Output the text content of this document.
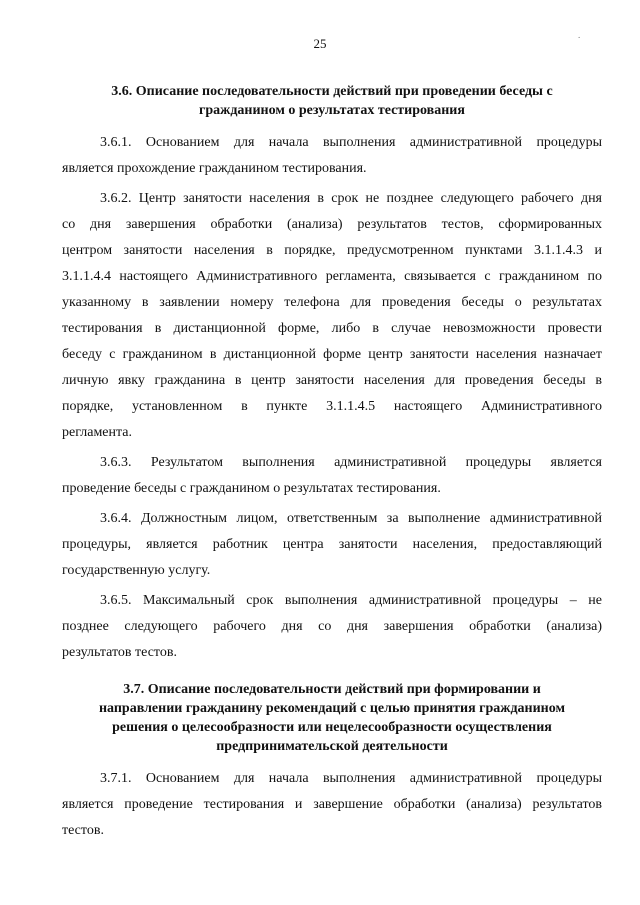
25
.
3.6. Описание последовательности действий при проведении беседы с
гражданином о результатах тестирования
3.6.1. Основанием для начала выполнения административной процедуры
является прохождение гражданином тестирования.
3.6.2. Центр занятости населения в срок не позднее следующего рабочего дня
со дня завершения обработки (анализа) результатов тестов, сформированных
центром занятости населения в порядке, предусмотренном пунктами 3.1.1.4.3 и
3.1.1.4.4 настоящего Административного регламента, связывается с гражданином по
указанному в заявлении номеру телефона для проведения беседы о результатах
тестирования в дистанционной форме, либо в случае невозможности провести
беседу с гражданином в дистанционной форме центр занятости населения назначает
личную явку гражданина в центр занятости населения для проведения беседы в
порядке, установленном в пункте 3.1.1.4.5 настоящего Административного
регламента.
3.6.3. Результатом выполнения административной процедуры является
проведение беседы с гражданином о результатах тестирования.
3.6.4. Должностным лицом, ответственным за выполнение административной
процедуры, является работник центра занятости населения, предоставляющий
государственную услугу.
3.6.5. Максимальный срок выполнения административной процедуры – не
позднее следующего рабочего дня со дня завершения обработки (анализа)
результатов тестов.
3.7. Описание последовательности действий при формировании и
направлении гражданину рекомендаций с целью принятия гражданином
решения о целесообразности или нецелесообразности осуществления
предпринимательской деятельности
3.7.1. Основанием для начала выполнения административной процедуры
является проведение тестирования и завершение обработки (анализа) результатов
тестов.
